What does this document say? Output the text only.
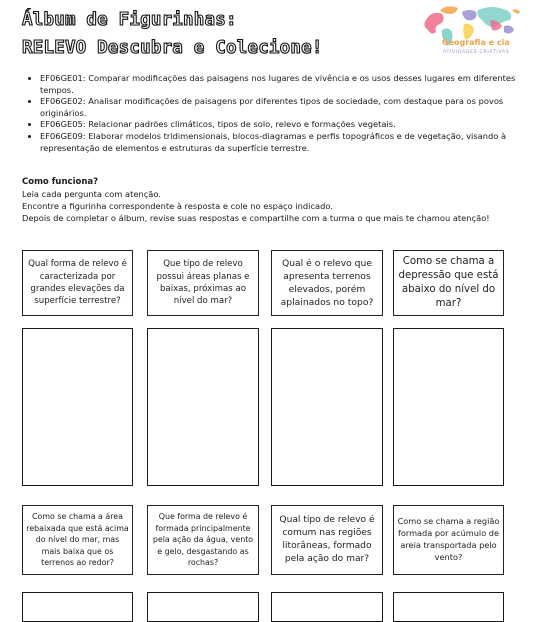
Álbum de Figurinhas:
RELEVO Descubra e Colecione!	Geografia e cia
ATIVIDADES CRIATIVAS
• EF06GE01: Comparar modificações das paisagens nos lugares de vivência e os usos desses lugares em diferentes tempos.
• EF06GE02: Analisar modificações de paisagens por diferentes tipos de sociedade, com destaque para os povos originários.
• EF06GE05: Relacionar padrões climáticos, tipos de solo, relevo e formações vegetais.
• EF06GE09: Elaborar modelos tridimensionais, blocos-diagramas e perfis topográficos e de vegetação, visando à representação de elementos e estruturas da superfície terrestre.
Como funciona?
Leia cada pergunta com atenção.
Encontre a figurinha correspondente à resposta e cole no espaço indicado.
Depois de completar o álbum, revise suas respostas e compartilhe com a turma o que mais te chamou atenção!
Qual forma de relevo é caracterizada por grandes elevações da superfície terrestre?
Que tipo de relevo possui áreas planas e baixas, próximas ao nível do mar?
Qual é o relevo que apresenta terrenos elevados, porém aplainados no topo?
Como se chama a depressão que está abaixo do nível do mar?
Como se chama a área rebaixada que está acima do nível do mar, mas mais baixa que os terrenos ao redor?
Que forma de relevo é formada principalmente pela ação da água, vento e gelo, desgastando as rochas?
Qual tipo de relevo é comum nas regiões litorâneas, formado pela ação do mar?
Como se chama a região formada por acúmulo de areia transportada pelo vento?
